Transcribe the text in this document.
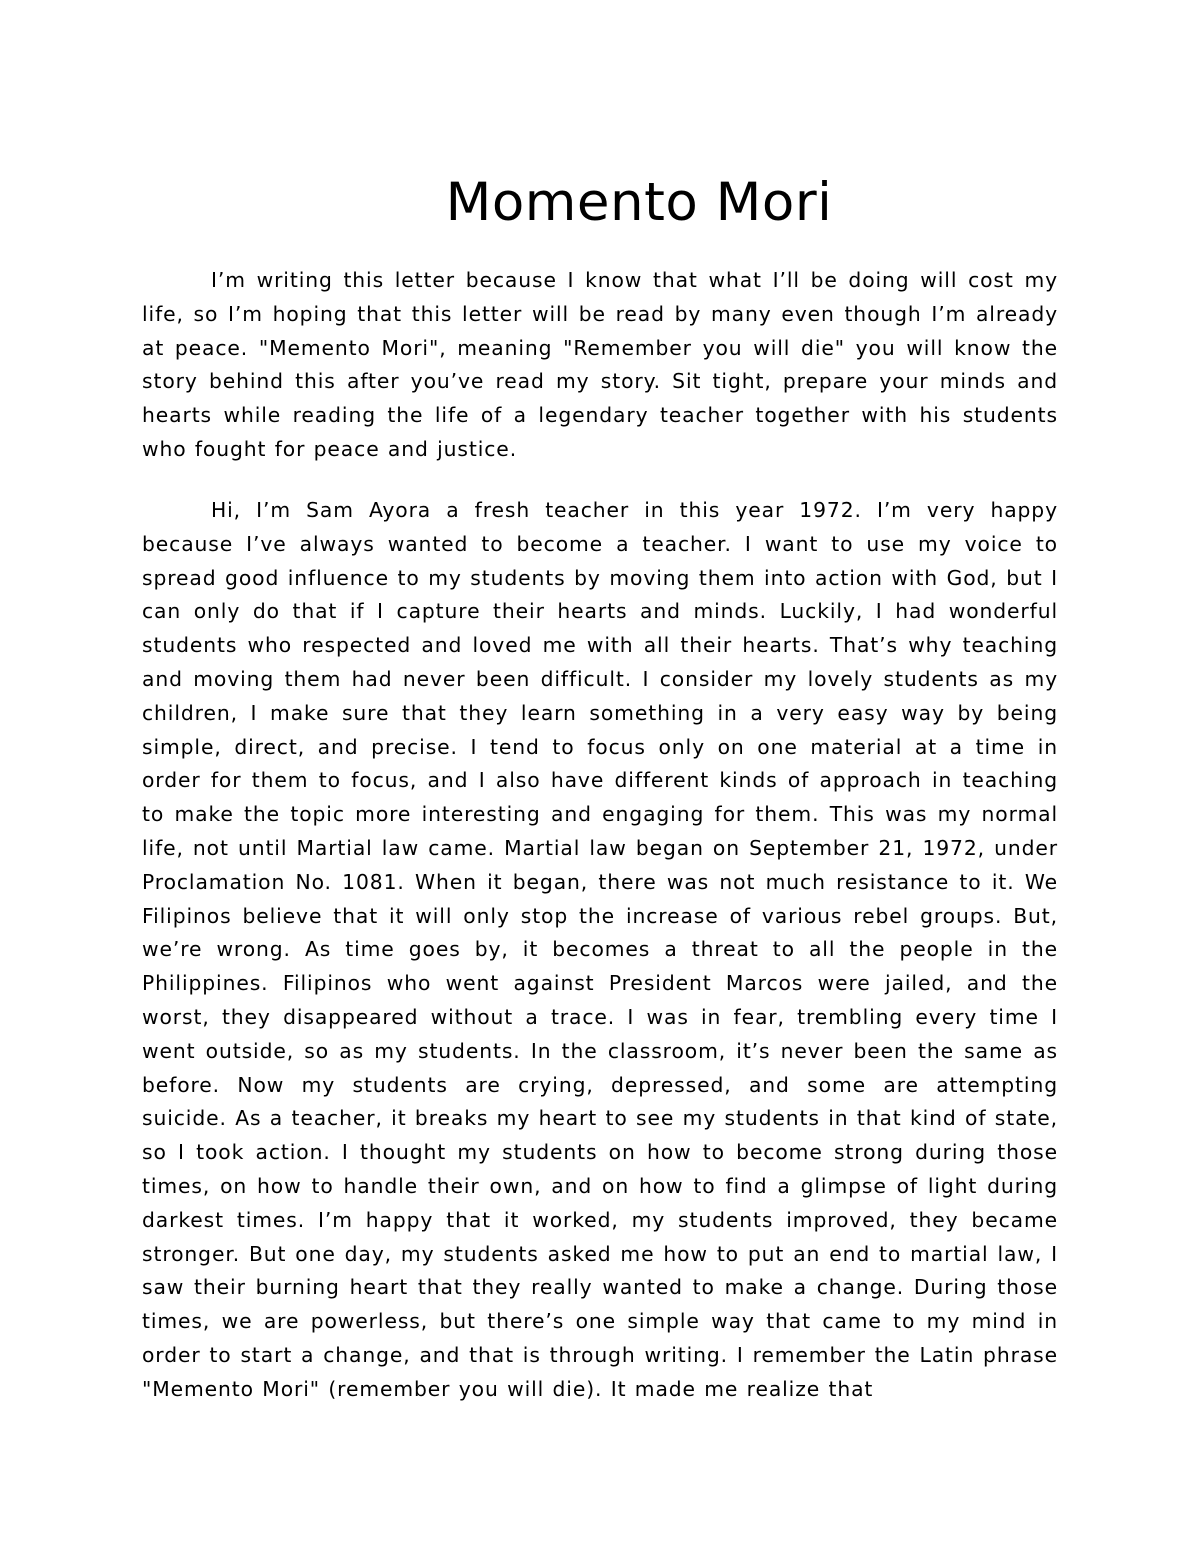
Momento Mori

I’m writing this letter because I know that what I’ll be doing will cost my life, so I’m hoping that this letter will be read by many even though I’m already at peace. "Memento Mori", meaning "Remember you will die" you will know the story behind this after you’ve read my story. Sit tight, prepare your minds and hearts while reading the life of a legendary teacher together with his students who fought for peace and justice.

Hi, I’m Sam Ayora a fresh teacher in this year 1972. I’m very happy because I’ve always wanted to become a teacher. I want to use my voice to spread good influence to my students by moving them into action with God, but I can only do that if I capture their hearts and minds. Luckily, I had wonderful students who respected and loved me with all their hearts. That’s why teaching and moving them had never been difficult. I consider my lovely students as my children, I make sure that they learn something in a very easy way by being simple, direct, and precise. I tend to focus only on one material at a time in order for them to focus, and I also have different kinds of approach in teaching to make the topic more interesting and engaging for them. This was my normal life, not until Martial law came. Martial law began on September 21, 1972, under Proclamation No. 1081. When it began, there was not much resistance to it. We Filipinos believe that it will only stop the increase of various rebel groups. But, we’re wrong. As time goes by, it becomes a threat to all the people in the Philippines. Filipinos who went against President Marcos were jailed, and the worst, they disappeared without a trace. I was in fear, trembling every time I went outside, so as my students. In the classroom, it’s never been the same as before. Now my students are crying, depressed, and some are attempting suicide. As a teacher, it breaks my heart to see my students in that kind of state, so I took action. I thought my students on how to become strong during those times, on how to handle their own, and on how to find a glimpse of light during darkest times. I’m happy that it worked, my students improved, they became stronger. But one day, my students asked me how to put an end to martial law, I saw their burning heart that they really wanted to make a change. During those times, we are powerless, but there’s one simple way that came to my mind in order to start a change, and that is through writing. I remember the Latin phrase "Memento Mori" (remember you will die). It made me realize that
